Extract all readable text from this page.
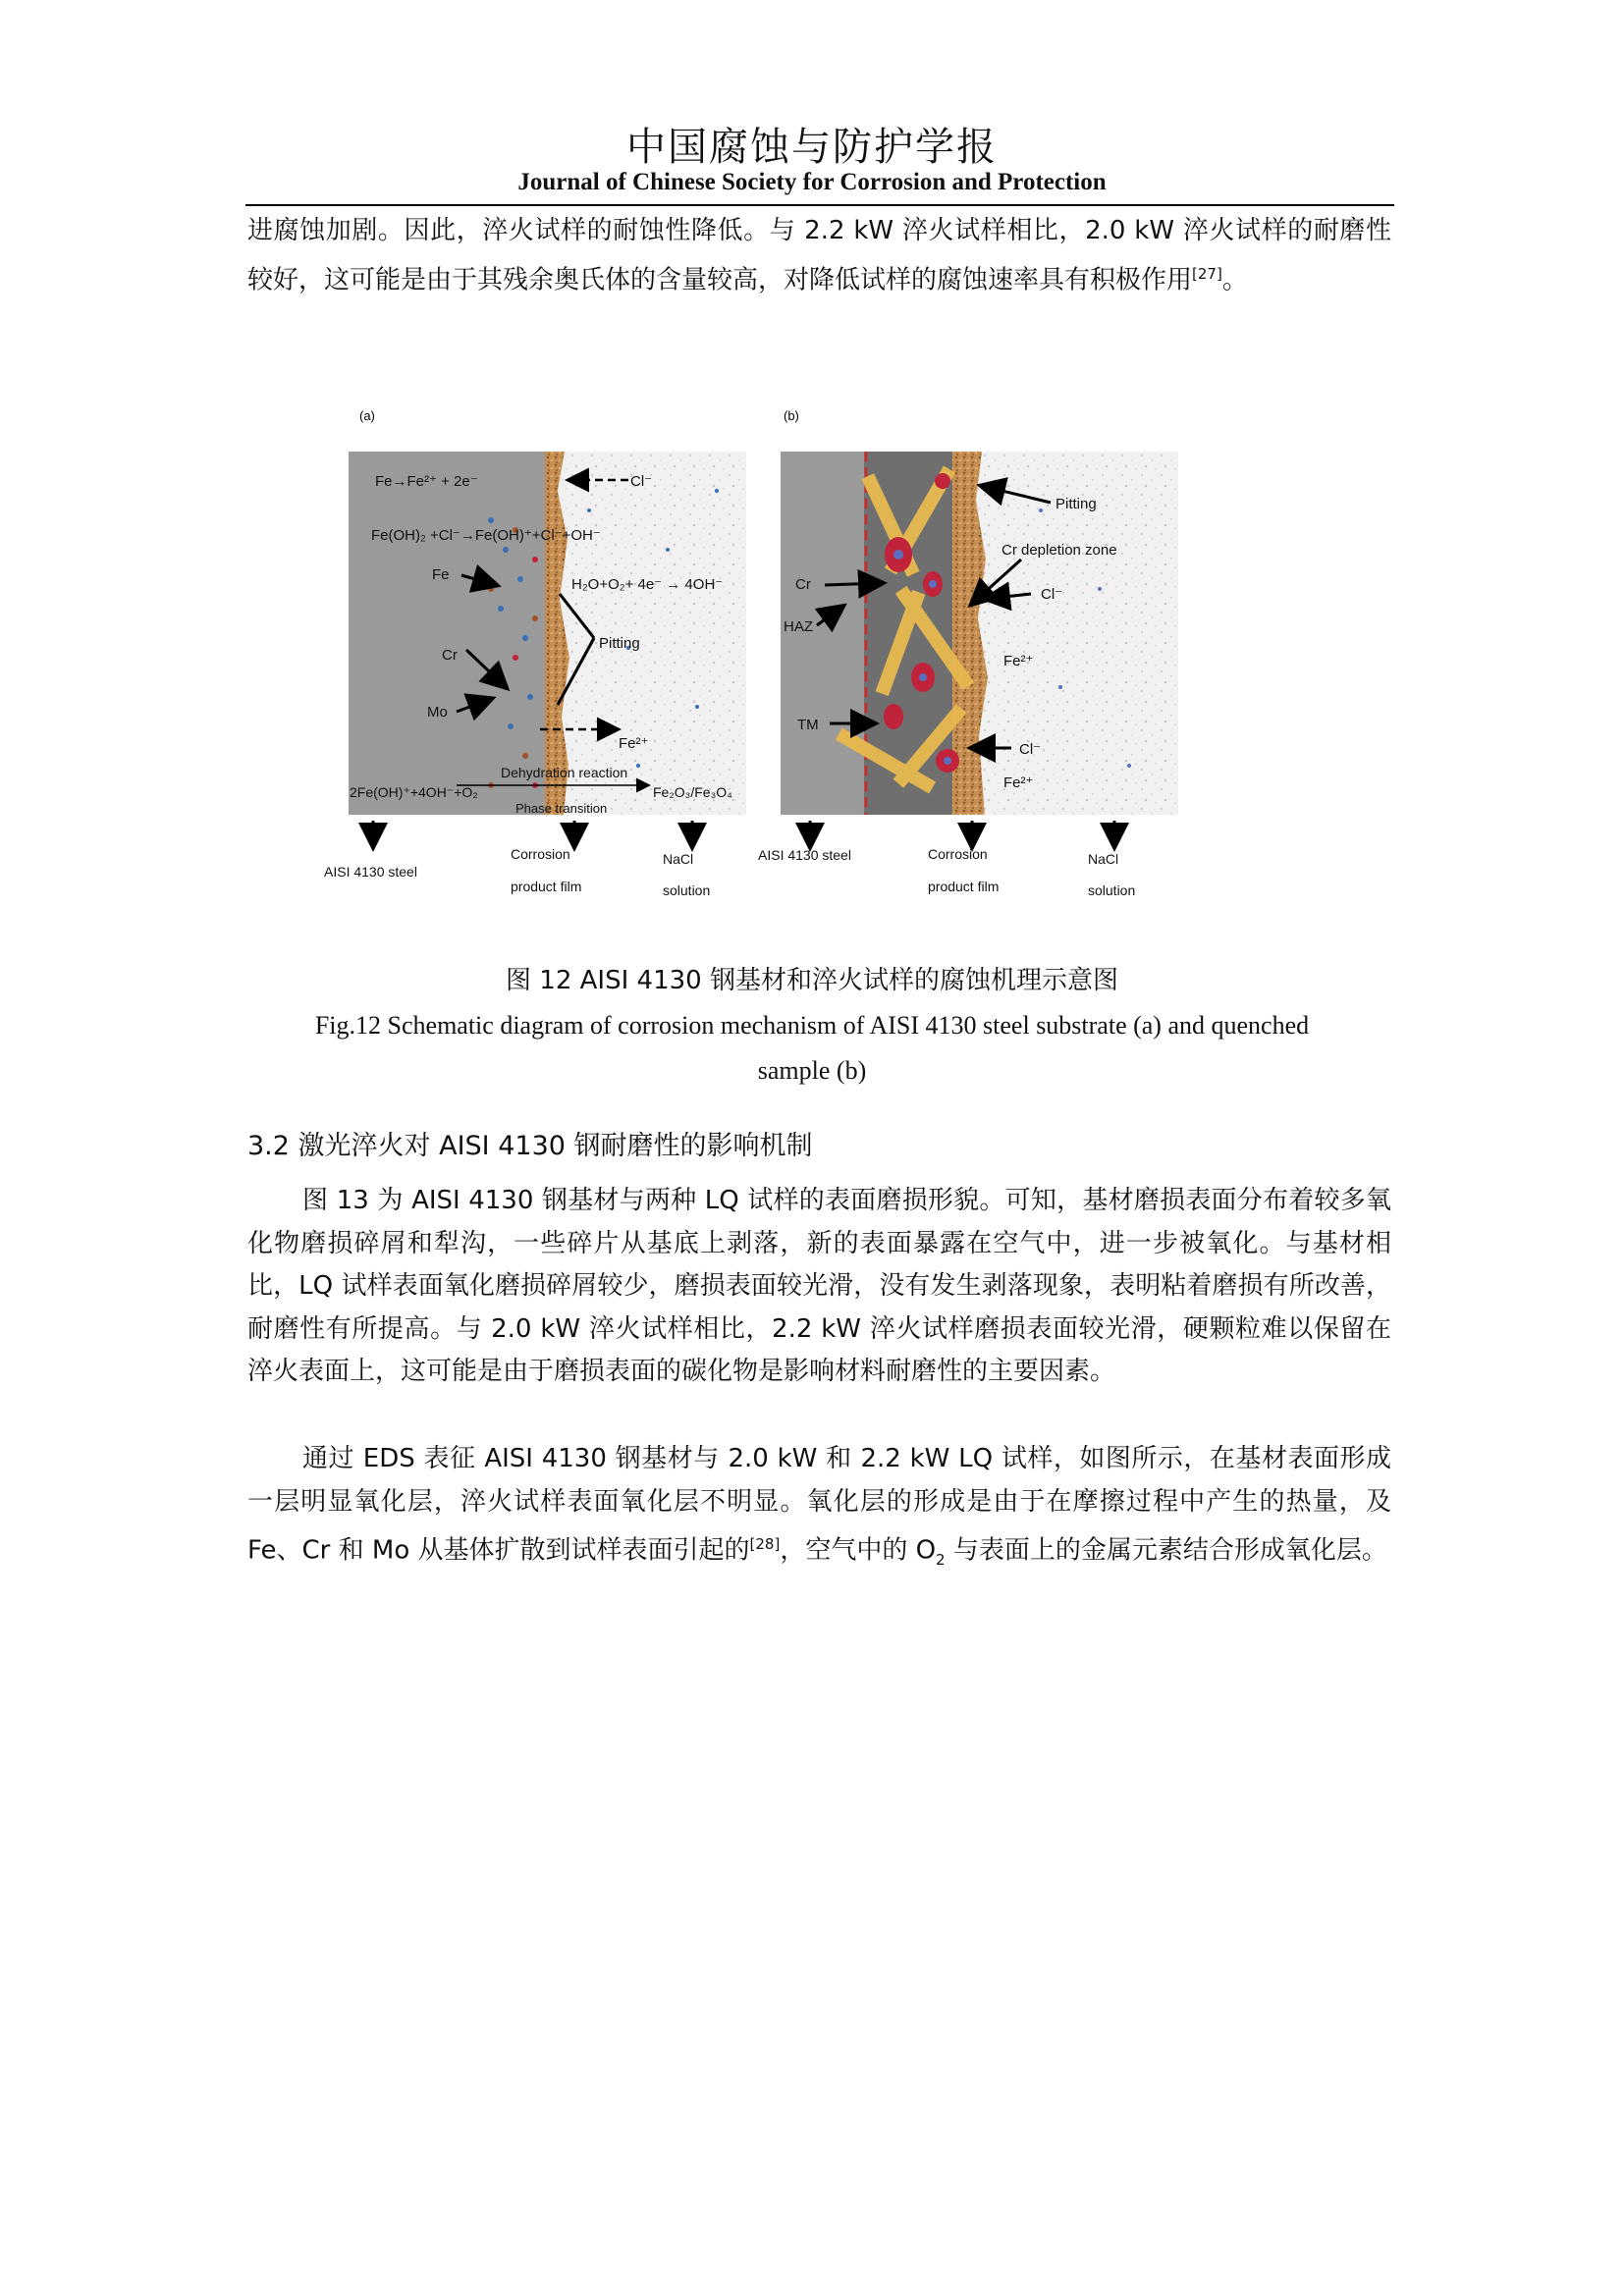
中国腐蚀与防护学报
Journal of Chinese Society for Corrosion and Protection
进腐蚀加剧。因此，淬火试样的耐蚀性降低。与 2.2 kW 淬火试样相比，2.0 kW 淬火试样的耐磨性较好，这可能是由于其残余奥氏体的含量较高，对降低试样的腐蚀速率具有积极作用[27]。
(a)
Fe→Fe²⁺ + 2e⁻	Cl⁻
Fe(OH)₂ +Cl⁻→Fe(OH)⁺+Cl⁻+OH⁻
Fe
H₂O+O₂+ 4e⁻ → 4OH⁻
Cr
Pitting
Mo
Fe²⁺
Dehydration reaction
2Fe(OH)⁺+4OH⁻+O₂	Fe₂O₃/Fe₃O₄
Phase transition
AISI 4130 steel
Corrosion
product film
NaCl
solution
(b)
Pitting
Cr depletion zone
Cr
Cl⁻
HAZ
Fe²⁺
TM
Cl⁻
Fe²⁺
AISI 4130 steel	Corrosion
product film
NaCl
solution
图 12 AISI 4130 钢基材和淬火试样的腐蚀机理示意图
Fig.12 Schematic diagram of corrosion mechanism of AISI 4130 steel substrate (a) and quenched sample (b)
3.2 激光淬火对 AISI 4130 钢耐磨性的影响机制
图 13 为 AISI 4130 钢基材与两种 LQ 试样的表面磨损形貌。可知，基材磨损表面分布着较多氧化物磨损碎屑和犁沟，一些碎片从基底上剥落，新的表面暴露在空气中，进一步被氧化。与基材相比，LQ 试样表面氧化磨损碎屑较少，磨损表面较光滑，没有发生剥落现象，表明粘着磨损有所改善，耐磨性有所提高。与 2.0 kW 淬火试样相比，2.2 kW 淬火试样磨损表面较光滑，硬颗粒难以保留在淬火表面上，这可能是由于磨损表面的碳化物是影响材料耐磨性的主要因素。
通过 EDS 表征 AISI 4130 钢基材与 2.0 kW 和 2.2 kW LQ 试样，如图所示，在基材表面形成一层明显氧化层，淬火试样表面氧化层不明显。氧化层的形成是由于在摩擦过程中产生的热量，及 Fe、Cr 和 Mo 从基体扩散到试样表面引起的[28]，空气中的 $O_2$ 与表面上的金属元素结合形成氧化层。
